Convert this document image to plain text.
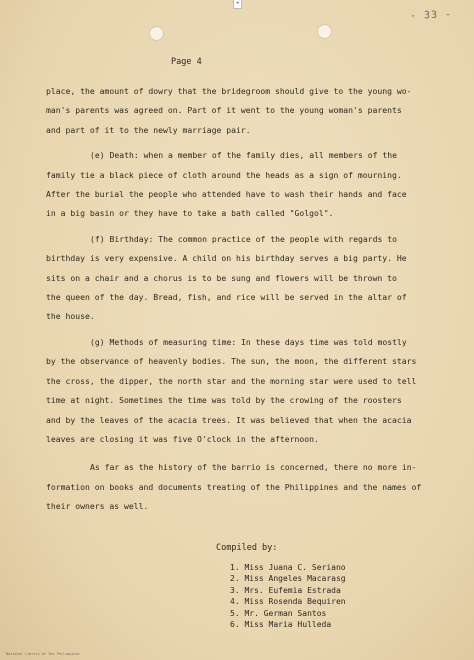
•
- 33 -
Page 4

place, the amount of dowry that the bridegroom should give to the young wo-

man's parents was agreed on. Part of it went to the young woman's parents

and part of it to the newly marriage pair.

(e) Death: when a member of the family dies, all members of the

family tie a black piece of cloth around the heads as a sign of mourning.

After the burial the people who attended have to wash their hands and face

in a big basin or they have to take a bath called "Golgol".

(f) Birthday: The common practice of the people with regards to

birthday is very expensive. A child on his birthday serves a big party. He

sits on a chair and a chorus is to be sung and flowers will be thrown to

the queen of the day. Bread, fish, and rice will be served in the altar of

the house.

(g) Methods of measuring time: In these days time was told mostly

by the observance of heavenly bodies. The sun, the moon, the different stars

the cross, the dipper, the north star and the morning star were used to tell

time at night. Sometimes the time was told by the crowing of the roosters

and by the leaves of the acacia trees. It was believed that when the acacia

leaves are closing it was five O'clock in the afternoon.

As far as the history of the barrio is concerned, there no more in-

formation on books and documents treating of the Philippines and the names of

their owners as well.

Compiled by:
1. Miss Juana C. Seriano
2. Miss Angeles Macarasg
3. Mrs. Eufemia Estrada
4. Miss Rosenda Bequiren
5. Mr. German Santos
6. Miss Maria Hulleda
National Library of the Philippines
